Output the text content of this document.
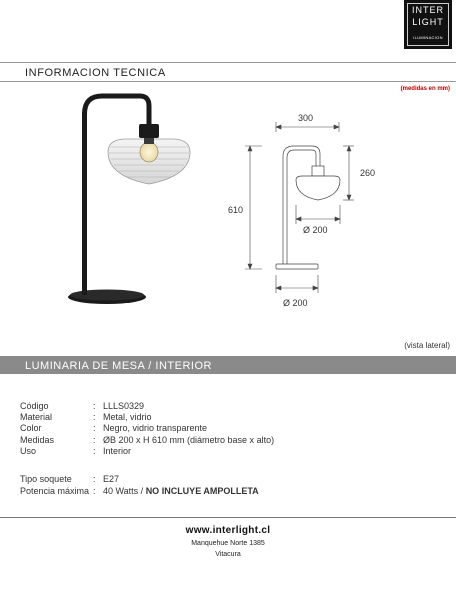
INTER
LIGHT
ILUMINACION
INFORMACION TECNICA
(medidas en mm)
300
610
260
Ø 200
Ø 200
(vista lateral)
LUMINARIA DE MESA / INTERIOR
Código	: LLLS0329
Material	: Metal, vidrio
Color	: Negro, vidrio transparente
Medidas	: ØB 200 x H 610 mm (diámetro base x alto)
Uso	: Interior
Tipo soquete : E27
Potencia máxima : 40 Watts / NO INCLUYE AMPOLLETA
www.interlight.cl
Manquehue Norte 1385
Vitacura
